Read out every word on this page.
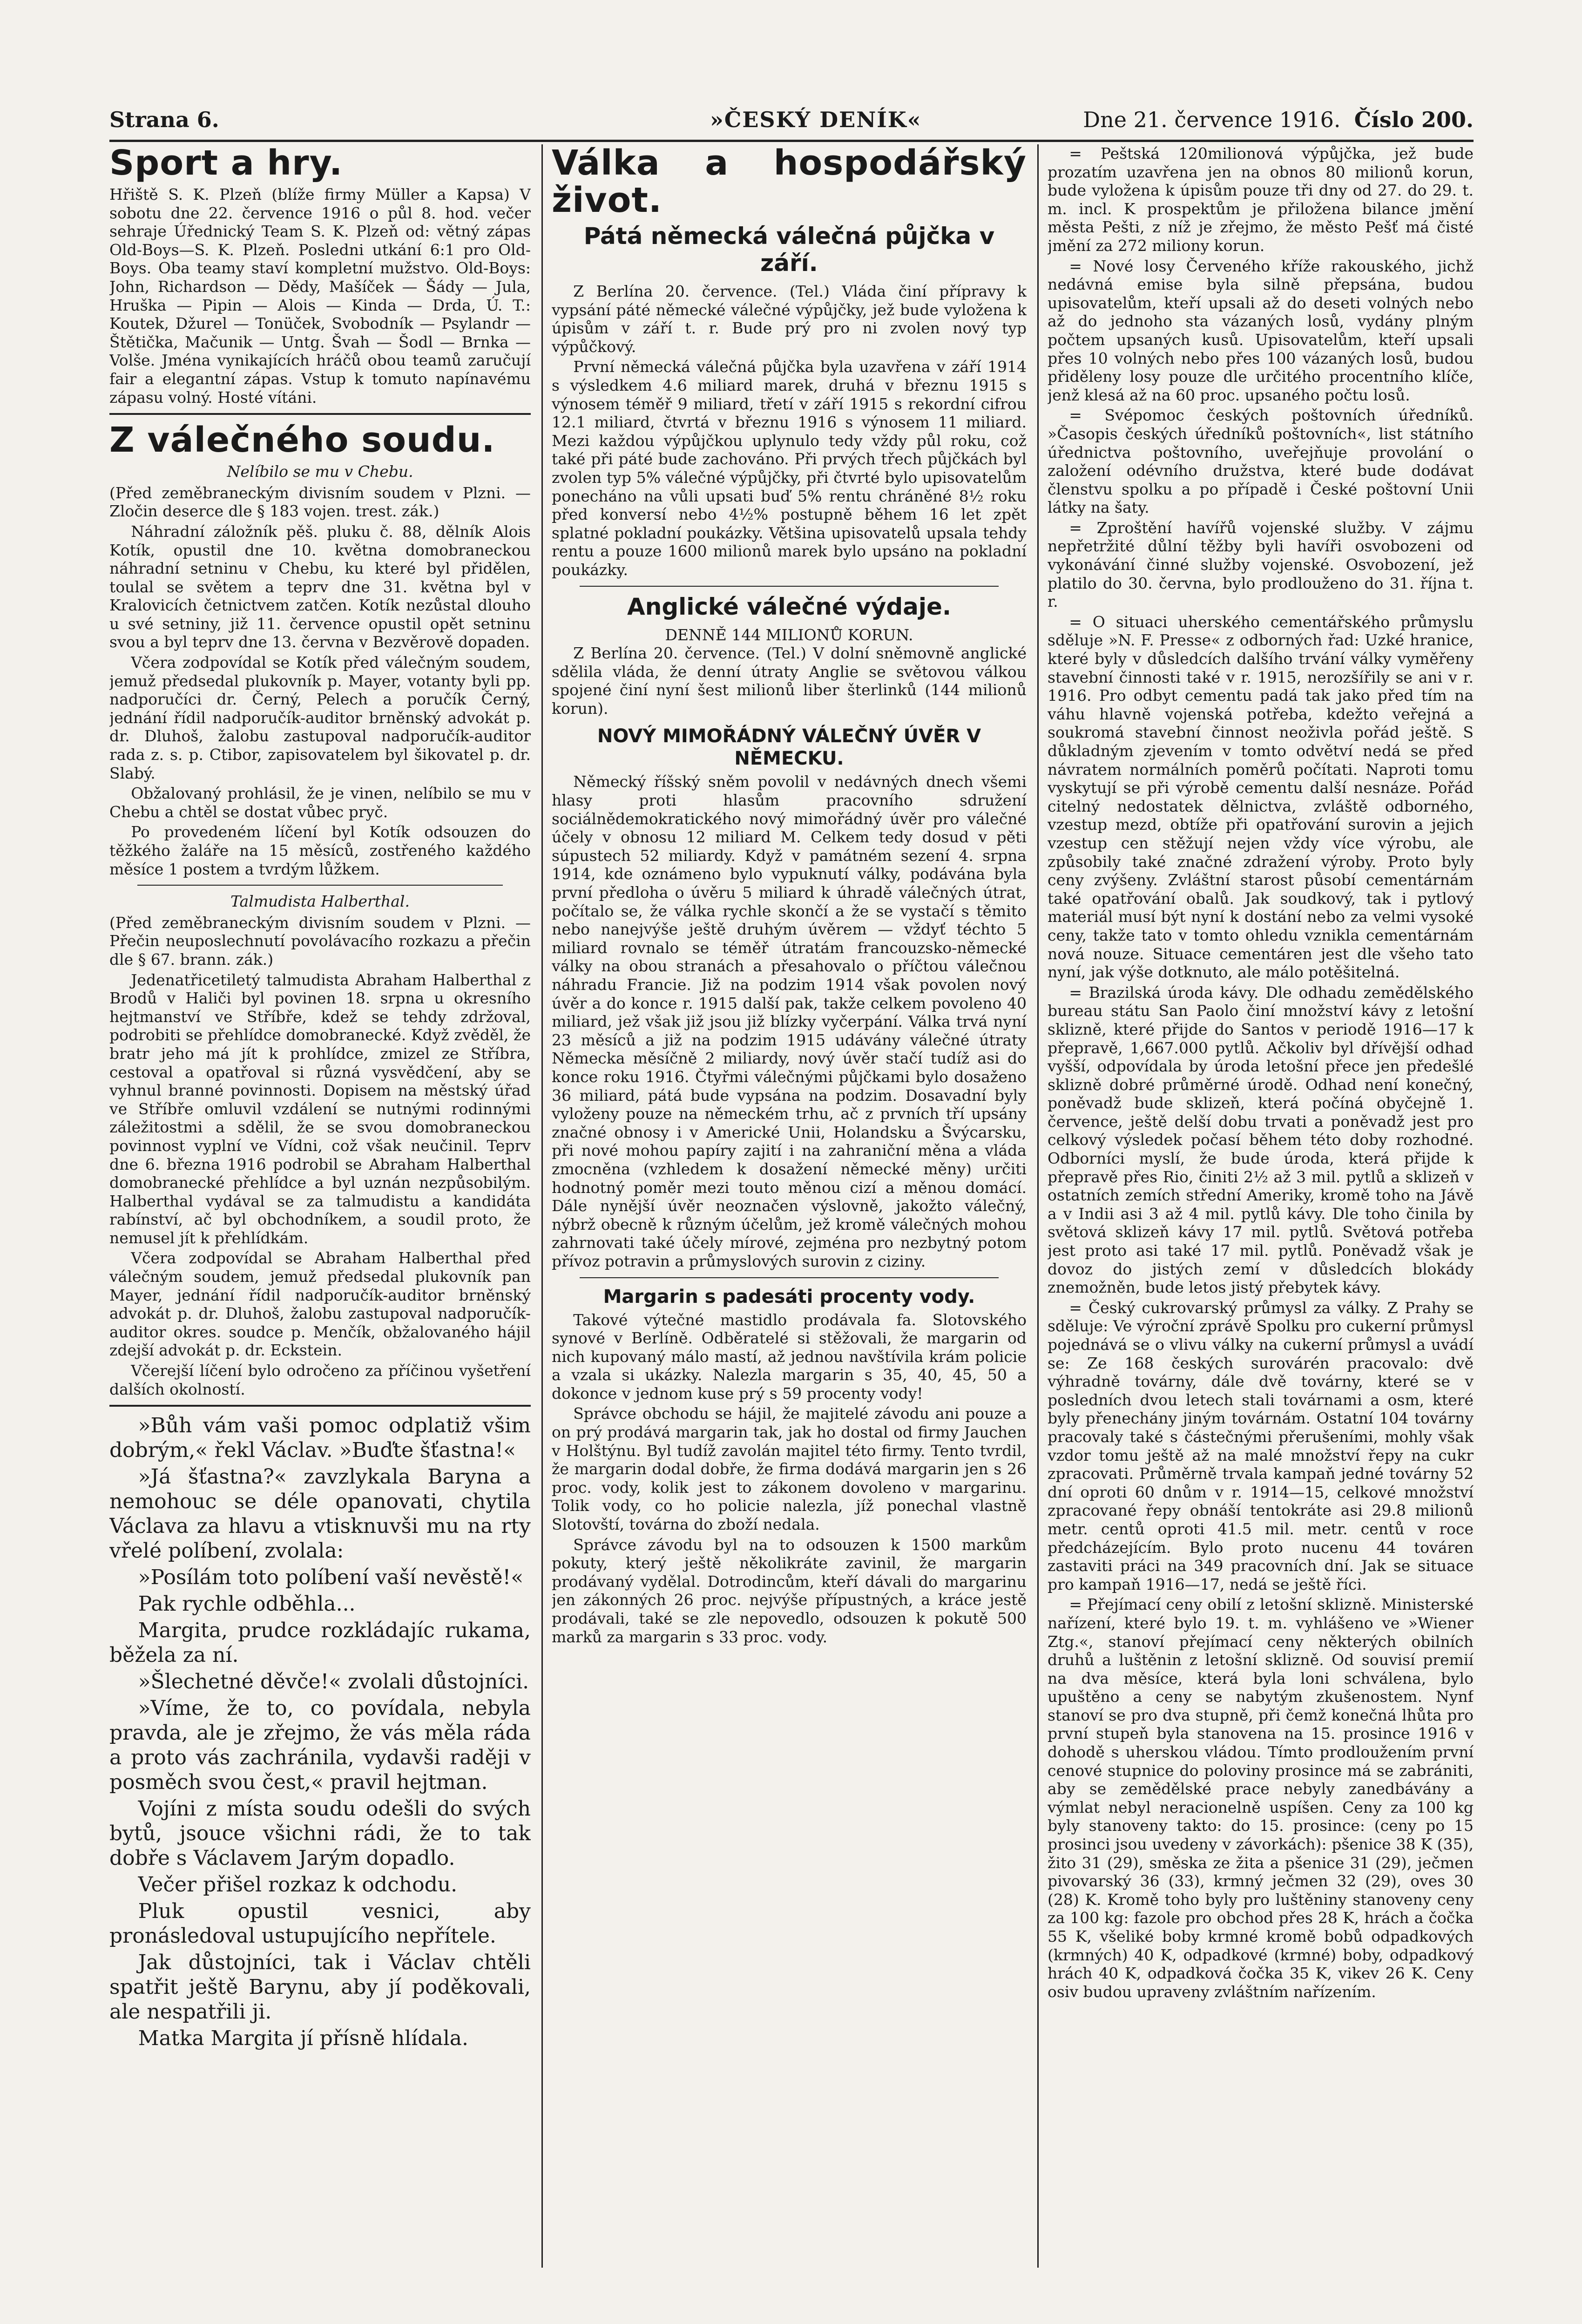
Strana 6.	»ČESKÝ DENÍK«	Dne 21. července 1916. Číslo 200.
Sport a hry.

Hřiště S. K. Plzeň (blíže firmy Müller a Kapsa) V sobotu dne 22. července 1916 o půl 8. hod. večer sehraje Úřednický Team S. K. Plzeň od: větný zápas Old-Boys—S. K. Plzeň. Posledni utkání 6:1 pro Old-Boys. Oba teamy staví kompletní mužstvo. Old-Boys: John, Richardson — Dědy, Mašíček — Šády — Jula, Hruška — Pipin — Alois — Kinda — Drda, Ú. T.: Koutek, Džurel — Tonüček, Svobodník — Psylandr — Štětička, Mačunik — Untg. Švah — Šodl — Brnka — Volše. Jména vynikajících hráčů obou teamů zaručují fair a elegantní zápas. Vstup k tomuto napínavému zápasu volný. Hosté vítáni.

Z válečného soudu.
Nelíbilo se mu v Chebu.

(Před zeměbraneckým divisním soudem v Plzni. — Zločin deserce dle § 183 vojen. trest. zák.)

Náhradní záložník pěš. pluku č. 88, dělník Alois Kotík, opustil dne 10. května domobraneckou náhradní setninu v Chebu, ku které byl přidělen, toulal se světem a teprv dne 31. května byl v Kralovicích četnictvem zatčen. Kotík nezůstal dlouho u své setniny, již 11. července opustil opět setninu svou a byl teprv dne 13. června v Bezvěrově dopaden.

Včera zodpovídal se Kotík před válečným soudem, jemuž předsedal plukovník p. Mayer, votanty byli pp. nadporučíci dr. Černý, Pelech a poručík Černý, jednání řídil nadporučík-auditor brněnský advokát p. dr. Dluhoš, žalobu zastupoval nadporučík-auditor rada z. s. p. Ctibor, zapisovatelem byl šikovatel p. dr. Slabý.

Obžalovaný prohlásil, že je vinen, nelíbilo se mu v Chebu a chtěl se dostat vůbec pryč.

Po provedeném líčení byl Kotík odsouzen do těžkého žaláře na 15 měsíců, zostřeného každého měsíce 1 postem a tvrdým lůžkem.

Talmudista Halberthal.

(Před zeměbraneckým divisním soudem v Plzni. — Přečin neuposlechnutí povolávacího rozkazu a přečin dle § 67. brann. zák.)

Jedenatřicetiletý talmudista Abraham Halberthal z Brodů v Haliči byl povinen 18. srpna u okresního hejtmanství ve Stříbře, kdež se tehdy zdržoval, podrobiti se přehlídce domobranecké. Když zvěděl, že bratr jeho má jít k prohlídce, zmizel ze Stříbra, cestoval a opatřoval si různá vysvědčení, aby se vyhnul branné povinnosti. Dopisem na městský úřad ve Stříbře omluvil vzdálení se nutnými rodinnými záležitostmi a sdělil, že se svou domobraneckou povinnost vyplní ve Vídni, což však neučinil. Teprv dne 6. března 1916 podrobil se Abraham Halberthal domobranecké přehlídce a byl uznán nezpůsobilým. Halberthal vydával se za talmudistu a kandidáta rabínství, ač byl obchodníkem, a soudil proto, že nemusel jít k přehlídkám.

Včera zodpovídal se Abraham Halberthal před válečným soudem, jemuž předsedal plukovník pan Mayer, jednání řídil nadporučík-auditor brněnský advokát p. dr. Dluhoš, žalobu zastupoval nadporučík-auditor okres. soudce p. Menčík, obžalovaného hájil zdejší advokát p. dr. Eckstein.

Včerejší líčení bylo odročeno za příčinou vyšetření dalších okolností.

»Bůh vám vaši pomoc odplatiž všim dobrým,« řekl Václav. »Buďte šťastna!«

»Já šťastna?« zavzlykala Baryna a nemohouc se déle opanovati, chytila Václava za hlavu a vtisknuvši mu na rty vřelé políbení, zvolala:

»Posílám toto políbení vaší nevěstě!«

Pak rychle odběhla...

Margita, prudce rozkládajíc rukama, běžela za ní.

»Šlechetné děvče!« zvolali důstojníci.

»Víme, že to, co povídala, nebyla pravda, ale je zřejmo, že vás měla ráda a proto vás zachránila, vydavši raději v posměch svou čest,« pravil hejtman.

Vojíni z místa soudu odešli do svých bytů, jsouce všichni rádi, že to tak dobře s Václavem Jarým dopadlo.

Večer přišel rozkaz k odchodu.

Pluk opustil vesnici, aby pronásledoval ustupujícího nepřítele.

Jak důstojníci, tak i Václav chtěli spatřit ještě Barynu, aby jí poděkovali, ale nespatřili ji.

Matka Margita jí přísně hlídala.

Válka a hospodářský život.
Pátá německá válečná půjčka v září.

Z Berlína 20. července. (Tel.) Vláda činí přípravy k vypsání páté německé válečné výpůjčky, jež bude vyložena k úpisům v září t. r. Bude prý pro ni zvolen nový typ výpůčkový.

První německá válečná půjčka byla uzavřena v září 1914 s výsledkem 4.6 miliard marek, druhá v březnu 1915 s výnosem téměř 9 miliard, třetí v září 1915 s rekordní cifrou 12.1 miliard, čtvrtá v březnu 1916 s výnosem 11 miliard. Mezi každou výpůjčkou uplynulo tedy vždy půl roku, což také při páté bude zachováno. Při prvých třech půjčkách byl zvolen typ 5% válečné výpůjčky, při čtvrté bylo upisovatelům ponecháno na vůli upsati buď 5% rentu chráněné 8½ roku před konversí nebo 4½% postupně během 16 let zpět splatné pokladní poukázky. Většina upisovatelů upsala tehdy rentu a pouze 1600 milionů marek bylo upsáno na pokladní poukázky.

Anglické válečné výdaje.
DENNĚ 144 MILIONŮ KORUN.

Z Berlína 20. července. (Tel.) V dolní sněmovně anglické sdělila vláda, že denní útraty Anglie se světovou válkou spojené činí nyní šest milionů liber šterlinků (144 milionů korun).

NOVÝ MIMOŘÁDNÝ VÁLEČNÝ ÚVĚR V NĚMECKU.

Německý říšský sněm povolil v nedávných dnech všemi hlasy proti hlasům pracovního sdružení sociálnědemokratického nový mimořádný úvěr pro válečné účely v obnosu 12 miliard M. Celkem tedy dosud v pěti súpustech 52 miliardy. Když v památném sezení 4. srpna 1914, kde oznámeno bylo vypuknutí války, podávána byla první předloha o úvěru 5 miliard k úhradě válečných útrat, počítalo se, že válka rychle skončí a že se vystačí s těmito nebo nanejvýše ještě druhým úvěrem — vždyť téchto 5 miliard rovnalo se téměř útratám francouzsko-německé války na obou stranách a přesahovalo o příčtou válečnou náhradu Francie. Již na podzim 1914 však povolen nový úvěr a do konce r. 1915 další pak, takže celkem povoleno 40 miliard, jež však již jsou již blízky vyčerpání. Válka trvá nyní 23 měsíců a již na podzim 1915 udávány válečné útraty Německa měsíčně 2 miliardy, nový úvěr stačí tudíž asi do konce roku 1916. Čtyřmi válečnými půjčkami bylo dosaženo 36 miliard, pátá bude vypsána na podzim. Dosavadní byly vyloženy pouze na německém trhu, ač z prvních tří upsány značné obnosy i v Americké Unii, Holandsku a Švýcarsku, při nové mohou papíry zajití i na zahraniční měna a vláda zmocněna (vzhledem k dosažení německé měny) určiti hodnotný poměr mezi touto měnou cizí a měnou domácí. Dále nynější úvěr neoznačen výslovně, jakožto válečný, nýbrž obecně k různým účelům, jež kromě válečných mohou zahrnovati také účely mírové, zejména pro nezbytný potom přívoz potravin a průmyslových surovin z ciziny.

Margarin s padesáti procenty vody.

Takové výtečné mastidlo prodávala fa. Slotovského synové v Berlíně. Odběratelé si stěžovali, že margarin od nich kupovaný málo mastí, až jednou navštívila krám policie a vzala si ukázky. Nalezla margarin s 35, 40, 45, 50 a dokonce v jednom kuse prý s 59 procenty vody!

Správce obchodu se hájil, že majitelé závodu ani pouze a on prý prodává margarin tak, jak ho dostal od firmy Jauchen v Holštýnu. Byl tudíž zavolán majitel této firmy. Tento tvrdil, že margarin dodal dobře, že firma dodává margarin jen s 26 proc. vody, kolik jest to zákonem dovoleno v margarinu. Tolik vody, co ho policie nalezla, jíž ponechal vlastně Slotovští, továrna do zboží nedala.

Správce závodu byl na to odsouzen k 1500 markům pokuty, který ještě několikráte zavinil, že margarin prodávaný vydělal. Dotrodincům, kteří dávali do margarinu jen zákonných 26 proc. nejvýše přípustných, a kráce jestě prodávali, také se zle nepovedlo, odsouzen k pokutě 500 marků za margarin s 33 proc. vody.

= Peštská 120milionová výpůjčka, jež bude prozatím uzavřena jen na obnos 80 milionů korun, bude vyložena k úpisům pouze tři dny od 27. do 29. t. m. incl. K prospektům je přiložena bilance jmění města Pešti, z níž je zřejmo, že město Pešť má čisté jmění za 272 miliony korun.

= Nové losy Červeného kříže rakouského, jichž nedávná emise byla silně přepsána, budou upisovatelům, kteří upsali až do deseti volných nebo až do jednoho sta vázaných losů, vydány plným počtem upsaných kusů. Upisovatelům, kteří upsali přes 10 volných nebo přes 100 vázaných losů, budou přiděleny losy pouze dle určitého procentního klíče, jenž klesá až na 60 proc. upsaného počtu losů.

= Svépomoc českých poštovních úředníků. »Časopis českých úředníků poštovních«, list státního úřednictva poštovního, uveřejňuje provolání o založení odévního družstva, které bude dodávat členstvu spolku a po případě i České poštovní Unii látky na šaty.

= Zproštění havířů vojenské služby. V zájmu nepřetržité důlní těžby byli havíři osvobozeni od vykonávání činné služby vojenské. Osvobození, jež platilo do 30. června, bylo prodlouženo do 31. října t. r.

= O situaci uherského cementářského průmyslu sděluje »N. F. Presse« z odborných řad: Uzké hranice, které byly v důsledcích dalšího trvání války vyměřeny stavební činnosti také v r. 1915, nerozšířily se ani v r. 1916. Pro odbyt cementu padá tak jako před tím na váhu hlavně vojenská potřeba, kdežto veřejná a soukromá stavební činnost neoživla pořád ještě. S důkladným zjevením v tomto odvětví nedá se před návratem normálních poměrů počítati. Naproti tomu vyskytují se při výrobě cementu další nesnáze. Pořád citelný nedostatek dělnictva, zvláště odborného, vzestup mezd, obtíže při opatřování surovin a jejich vzestup cen stěžují nejen vždy více výrobu, ale způsobily také značné zdražení výroby. Proto byly ceny zvýšeny. Zvláštní starost působí cementárnám také opatřování obalů. Jak soudkový, tak i pytlový materiál musí být nyní k dostání nebo za velmi vysoké ceny, takže tato v tomto ohledu vznikla cementárnám nová nouze. Situace cementáren jest dle všeho tato nyní, jak výše dotknuto, ale málo potěšitelná.

= Brazilská úroda kávy. Dle odhadu zemědělského bureau státu San Paolo činí množství kávy z letošní sklizně, které přijde do Santos v periodě 1916—17 k přepravě, 1,667.000 pytlů. Ačkoliv byl dřívější odhad vyšší, odpovídala by úroda letošní přece jen předešlé sklizně dobré průměrné úrodě. Odhad není konečný, poněvadž bude sklizeň, která počíná obyčejně 1. července, ještě delší dobu trvati a poněvadž jest pro celkový výsledek počasí během této doby rozhodné. Odborníci myslí, že bude úroda, která přijde k přepravě přes Rio, činiti 2½ až 3 mil. pytlů a sklizeň v ostatních zemích střední Ameriky, kromě toho na Jávě a v Indii asi 3 až 4 mil. pytlů kávy. Dle toho činila by světová sklizeň kávy 17 mil. pytlů. Světová potřeba jest proto asi také 17 mil. pytlů. Poněvadž však je dovoz do jistých zemí v důsledcích blokády znemožněn, bude letos jistý přebytek kávy.

= Český cukrovarský průmysl za války. Z Prahy se sděluje: Ve výroční zprávě Spolku pro cukerní průmysl pojednává se o vlivu války na cukerní průmysl a uvádí se: Ze 168 českých surovárén pracovalo: dvě výhradně továrny, dále dvě továrny, které se v posledních dvou letech stali továrnami a osm, které byly přenechány jiným továrnám. Ostatní 104 továrny pracovaly také s částečnými přerušeními, mohly však vzdor tomu ještě až na malé množství řepy na cukr zpracovati. Průměrně trvala kampaň jedné továrny 52 dní oproti 60 dnům v r. 1914—15, celkové množství zpracované řepy obnáší tentokráte asi 29.8 milionů metr. centů oproti 41.5 mil. metr. centů v roce předcházejícím. Bylo proto nucenu 44 továren zastaviti práci na 349 pracovních dní. Jak se situace pro kampaň 1916—17, nedá se ještě říci.

= Přejímací ceny obilí z letošní sklizně. Ministerské nařízení, které bylo 19. t. m. vyhlášeno ve »Wiener Ztg.«, stanoví přejímací ceny některých obilních druhů a luštěnin z letošní sklizně. Od souvisí premií na dva měsíce, která byla loni schválena, bylo upuštěno a ceny se nabytým zkušenostem. Nynf stanoví se pro dva stupně, při čemž konečná lhůta pro první stupeň byla stanovena na 15. prosince 1916 v dohodě s uherskou vládou. Tímto prodloužením první cenové stupnice do poloviny prosince má se zabrániti, aby se zemědělské prace nebyly zanedbávány a výmlat nebyl neracionelně uspíšen. Ceny za 100 kg byly stanoveny takto: do 15. prosince: (ceny po 15 prosinci jsou uvedeny v závorkách): pšenice 38 K (35), žito 31 (29), směska ze žita a pšenice 31 (29), ječmen pivovarský 36 (33), krmný ječmen 32 (29), oves 30 (28) K. Kromě toho byly pro luštěniny stanoveny ceny za 100 kg: fazole pro obchod přes 28 K, hrách a čočka 55 K, všeliké boby krmné kromě bobů odpadkových (krmných) 40 K, odpadkové (krmné) boby, odpadkový hrách 40 K, odpadková čočka 35 K, vikev 26 K. Ceny osiv budou upraveny zvláštním nařízením.
